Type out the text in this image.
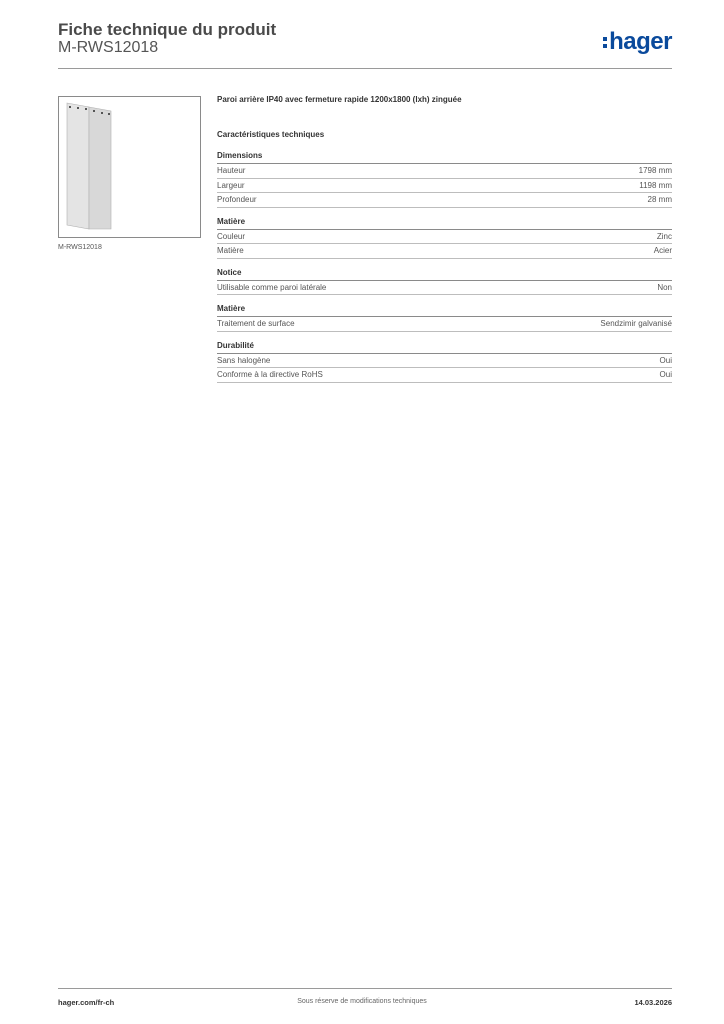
Fiche technique du produit
M-RWS12018	hager
M-RWS12018
Paroi arrière IP40 avec fermeture rapide 1200x1800 (lxh) zinguée
Caractéristiques techniques
Dimensions
Hauteur	1798 mm
Largeur	1198 mm
Profondeur	28 mm
Matière
Couleur	Zinc
Matière	Acier
Notice
Utilisable comme paroi latérale	Non
Matière
Traitement de surface	Sendzimir galvanisé
Durabilité
Sans halogène	Oui
Conforme à la directive RoHS	Oui
hager.com/fr-ch	Sous réserve de modifications techniques	14.03.2026
